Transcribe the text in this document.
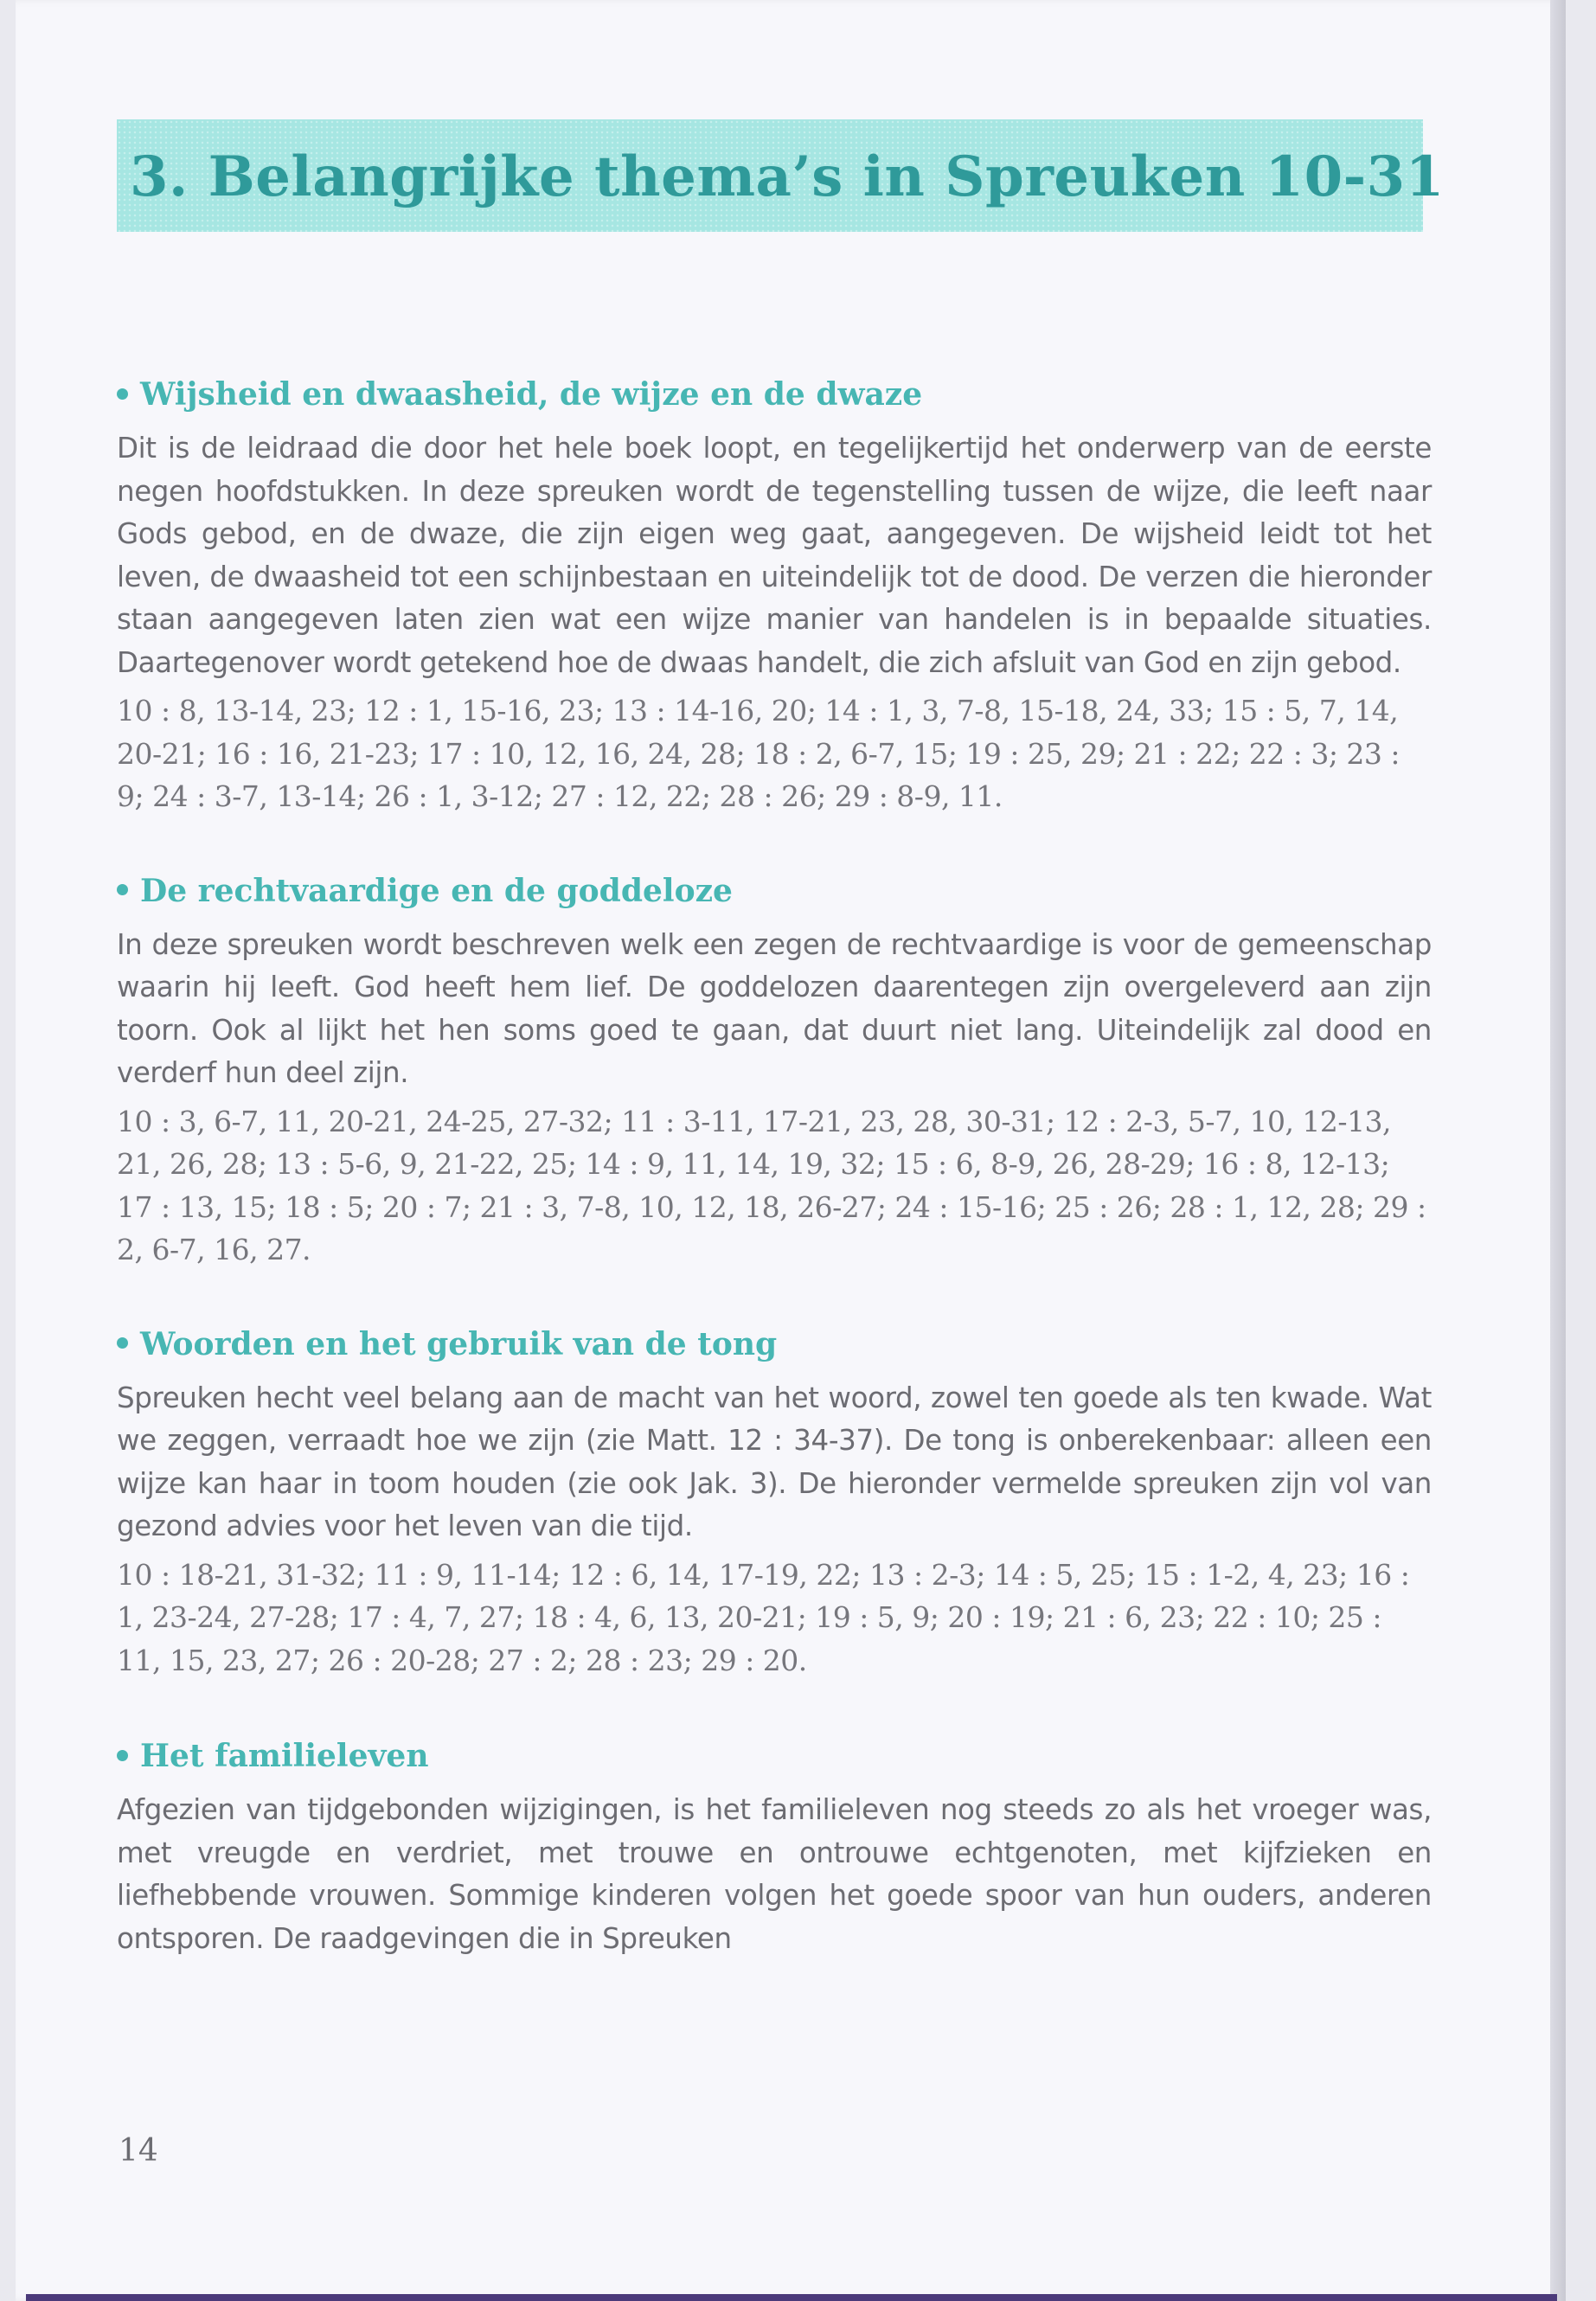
3. Belangrijke thema’s in Spreuken 10-31
Wijsheid en dwaasheid, de wijze en de dwaze

Dit is de leidraad die door het hele boek loopt, en tegelijkertijd het onderwerp van de eerste negen hoofdstukken. In deze spreuken wordt de tegenstelling tussen de wijze, die leeft naar Gods gebod, en de dwaze, die zijn eigen weg gaat, aangegeven. De wijsheid leidt tot het leven, de dwaasheid tot een schijnbestaan en uiteindelijk tot de dood. De verzen die hieronder staan aangegeven laten zien wat een wijze manier van handelen is in bepaalde situaties. Daartegenover wordt getekend hoe de dwaas handelt, die zich afsluit van God en zijn gebod.

10 : 8, 13-14, 23; 12 : 1, 15-16, 23; 13 : 14-16, 20; 14 : 1, 3, 7-8, 15-18, 24, 33; 15 : 5, 7, 14, 20-21; 16 : 16, 21-23; 17 : 10, 12, 16, 24, 28; 18 : 2, 6-7, 15; 19 : 25, 29; 21 : 22; 22 : 3; 23 : 9; 24 : 3-7, 13-14; 26 : 1, 3-12; 27 : 12, 22; 28 : 26; 29 : 8-9, 11.

De rechtvaardige en de goddeloze

In deze spreuken wordt beschreven welk een zegen de rechtvaardige is voor de gemeenschap waarin hij leeft. God heeft hem lief. De goddelozen daarentegen zijn overgeleverd aan zijn toorn. Ook al lijkt het hen soms goed te gaan, dat duurt niet lang. Uiteindelijk zal dood en verderf hun deel zijn.

10 : 3, 6-7, 11, 20-21, 24-25, 27-32; 11 : 3-11, 17-21, 23, 28, 30-31; 12 : 2-3, 5-7, 10, 12-13, 21, 26, 28; 13 : 5-6, 9, 21-22, 25; 14 : 9, 11, 14, 19, 32; 15 : 6, 8-9, 26, 28-29; 16 : 8, 12-13; 17 : 13, 15; 18 : 5; 20 : 7; 21 : 3, 7-8, 10, 12, 18, 26-27; 24 : 15-16; 25 : 26; 28 : 1, 12, 28; 29 : 2, 6-7, 16, 27.

Woorden en het gebruik van de tong

Spreuken hecht veel belang aan de macht van het woord, zowel ten goede als ten kwade. Wat we zeggen, verraadt hoe we zijn (zie Matt. 12 : 34-37). De tong is onberekenbaar: alleen een wijze kan haar in toom houden (zie ook Jak. 3). De hieronder vermelde spreuken zijn vol van gezond advies voor het leven van die tijd.

10 : 18-21, 31-32; 11 : 9, 11-14; 12 : 6, 14, 17-19, 22; 13 : 2-3; 14 : 5, 25; 15 : 1-2, 4, 23; 16 : 1, 23-24, 27-28; 17 : 4, 7, 27; 18 : 4, 6, 13, 20-21; 19 : 5, 9; 20 : 19; 21 : 6, 23; 22 : 10; 25 : 11, 15, 23, 27; 26 : 20-28; 27 : 2; 28 : 23; 29 : 20.

Het familieleven

Afgezien van tijdgebonden wijzigingen, is het familieleven nog steeds zo als het vroeger was, met vreugde en verdriet, met trouwe en ontrouwe echtgenoten, met kijfzieken en liefhebbende vrouwen. Sommige kinderen volgen het goede spoor van hun ouders, anderen ontsporen. De raadgevingen die in Spreuken

14
